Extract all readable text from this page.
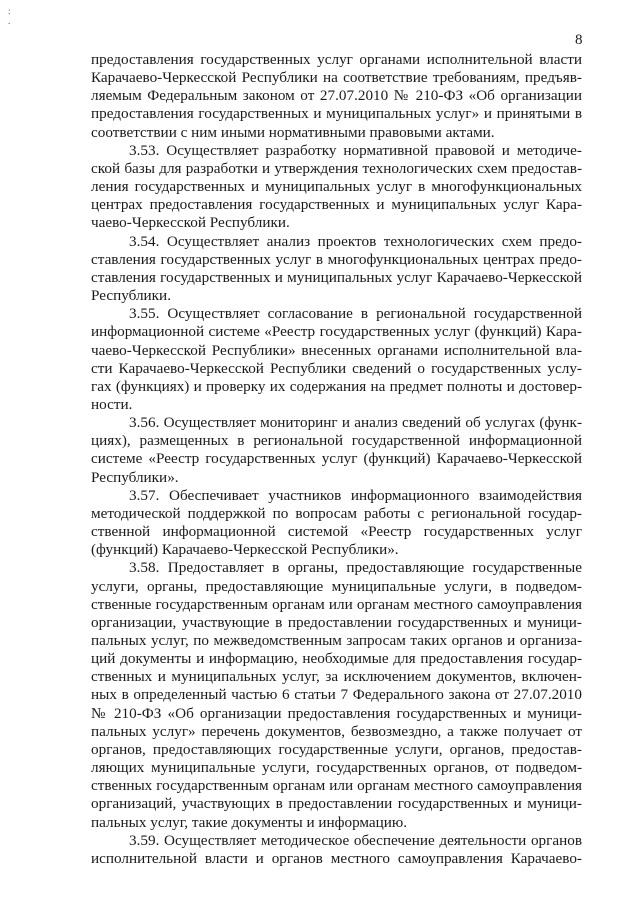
:
.
8

предоставления государственных услуг органами исполнительной власти
Карачаево-Черкесской Республики на соответствие требованиям, предъяв-
ляемым Федеральным законом от 27.07.2010 № 210-ФЗ «Об организации
предоставления государственных и муниципальных услуг» и принятыми в
соответствии с ним иными нормативными правовыми актами.

3.53. Осуществляет разработку нормативной правовой и методиче-
ской базы для разработки и утверждения технологических схем предостав-
ления государственных и муниципальных услуг в многофункциональных
центрах предоставления государственных и муниципальных услуг Кара-
чаево-Черкесской Республики.

3.54. Осуществляет анализ проектов технологических схем предо-
ставления государственных услуг в многофункциональных центрах предо-
ставления государственных и муниципальных услуг Карачаево-Черкесской
Республики.

3.55. Осуществляет согласование в региональной государственной
информационной системе «Реестр государственных услуг (функций) Кара-
чаево-Черкесской Республики» внесенных органами исполнительной вла-
сти Карачаево-Черкесской Республики сведений о государственных услу-
гах (функциях) и проверку их содержания на предмет полноты и достовер-
ности.

3.56. Осуществляет мониторинг и анализ сведений об услугах (функ-
циях), размещенных в региональной государственной информационной
системе «Реестр государственных услуг (функций) Карачаево-Черкесской
Республики».

3.57. Обеспечивает участников информационного взаимодействия
методической поддержкой по вопросам работы с региональной государ-
ственной информационной системой «Реестр государственных услуг
(функций) Карачаево-Черкесской Республики».

3.58. Предоставляет в органы, предоставляющие государственные
услуги, органы, предоставляющие муниципальные услуги, в подведом-
ственные государственным органам или органам местного самоуправления
организации, участвующие в предоставлении государственных и муници-
пальных услуг, по межведомственным запросам таких органов и организа-
ций документы и информацию, необходимые для предоставления государ-
ственных и муниципальных услуг, за исключением документов, включен-
ных в определенный частью 6 статьи 7 Федерального закона от 27.07.2010
№ 210-ФЗ «Об организации предоставления государственных и муници-
пальных услуг» перечень документов, безвозмездно, а также получает от
органов, предоставляющих государственные услуги, органов, предостав-
ляющих муниципальные услуги, государственных органов, от подведом-
ственных государственным органам или органам местного самоуправления
организаций, участвующих в предоставлении государственных и муници-
пальных услуг, такие документы и информацию.

3.59. Осуществляет методическое обеспечение деятельности органов
исполнительной власти и органов местного самоуправления Карачаево-
